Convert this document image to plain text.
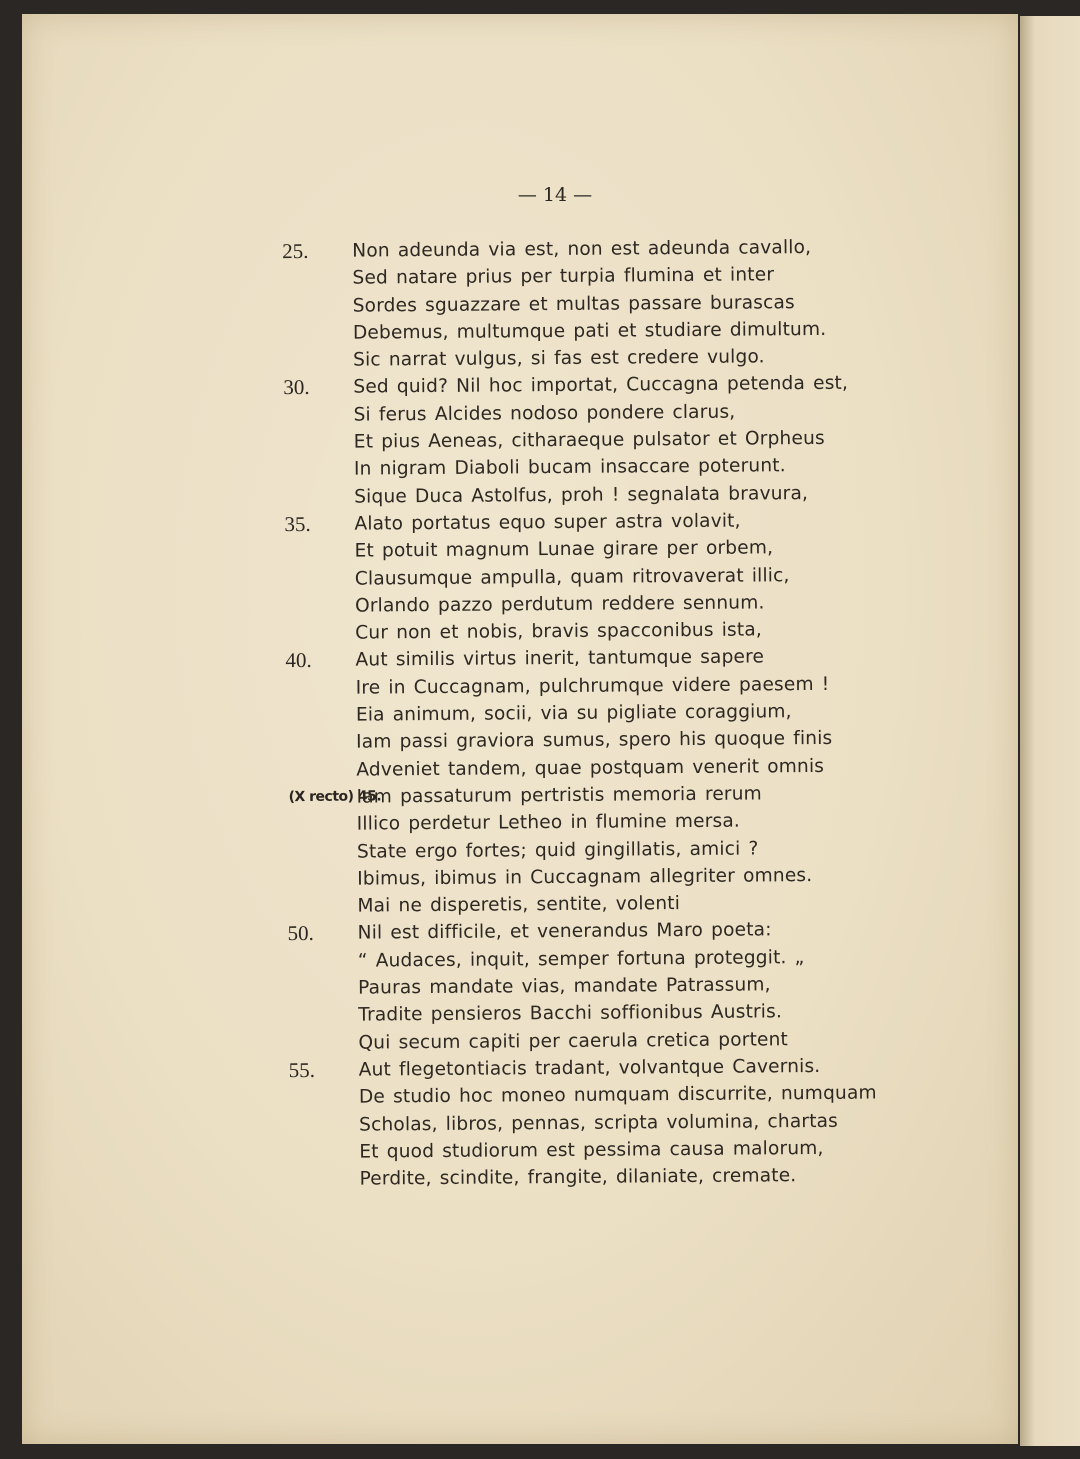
— 14 —
25. Non adeunda via est, non est adeunda cavallo,
Sed natare prius per turpia flumina et inter
Sordes sguazzare et multas passare burascas
Debemus, multumque pati et studiare dimultum.
Sic narrat vulgus, si fas est credere vulgo.
30. Sed quid? Nil hoc importat, Cuccagna petenda est,
Si ferus Alcides nodoso pondere clarus,
Et pius Aeneas, citharaeque pulsator et Orpheus
In nigram Diaboli bucam insaccare poterunt.
Sique Duca Astolfus, proh ! segnalata bravura,
35. Alato portatus equo super astra volavit,
Et potuit magnum Lunae girare per orbem,
Clausumque ampulla, quam ritrovaverat illic,
Orlando pazzo perdutum reddere sennum.
Cur non et nobis, bravis spacconibus ista,
40. Aut similis virtus inerit, tantumque sapere
Ire in Cuccagnam, pulchrumque videre paesem !
Eia animum, socii, via su pigliate coraggium,
Iam passi graviora sumus, spero his quoque finis
Adveniet tandem, quae postquam venerit omnis
(X recto) 45.
Iam passaturum pertristis memoria rerum
Illico perdetur Letheo in flumine mersa.
State ergo fortes; quid gingillatis, amici ?
Ibimus, ibimus in Cuccagnam allegriter omnes.
Mai ne disperetis, sentite, volenti
50. Nil est difficile, et venerandus Maro poeta:
“ Audaces, inquit, semper fortuna proteggit. „
Pauras mandate vias, mandate Patrassum,
Tradite pensieros Bacchi soffionibus Austris.
Qui secum capiti per caerula cretica portent
55. Aut flegetontiacis tradant, volvantque Cavernis.
De studio hoc moneo numquam discurrite, numquam
Scholas, libros, pennas, scripta volumina, chartas
Et quod studiorum est pessima causa malorum,
Perdite, scindite, frangite, dilaniate, cremate.
